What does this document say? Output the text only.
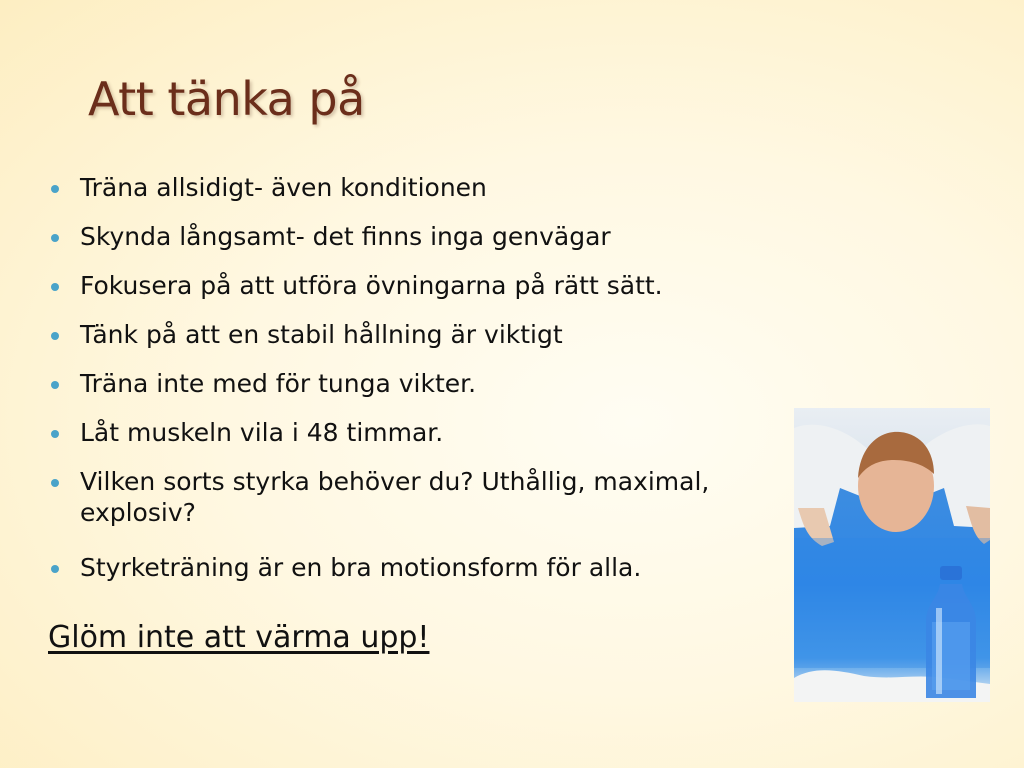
Att tänka på
Träna allsidigt- även konditionen
Skynda långsamt- det finns inga genvägar
Fokusera på att utföra övningarna på rätt sätt.
Tänk på att en stabil hållning är viktigt
Träna inte med för tunga vikter.
Låt muskeln vila i 48 timmar.
Vilken sorts styrka behöver du? Uthållig, maximal, explosiv?
Styrketräning är en bra motionsform för alla.

Glöm inte att värma upp!
